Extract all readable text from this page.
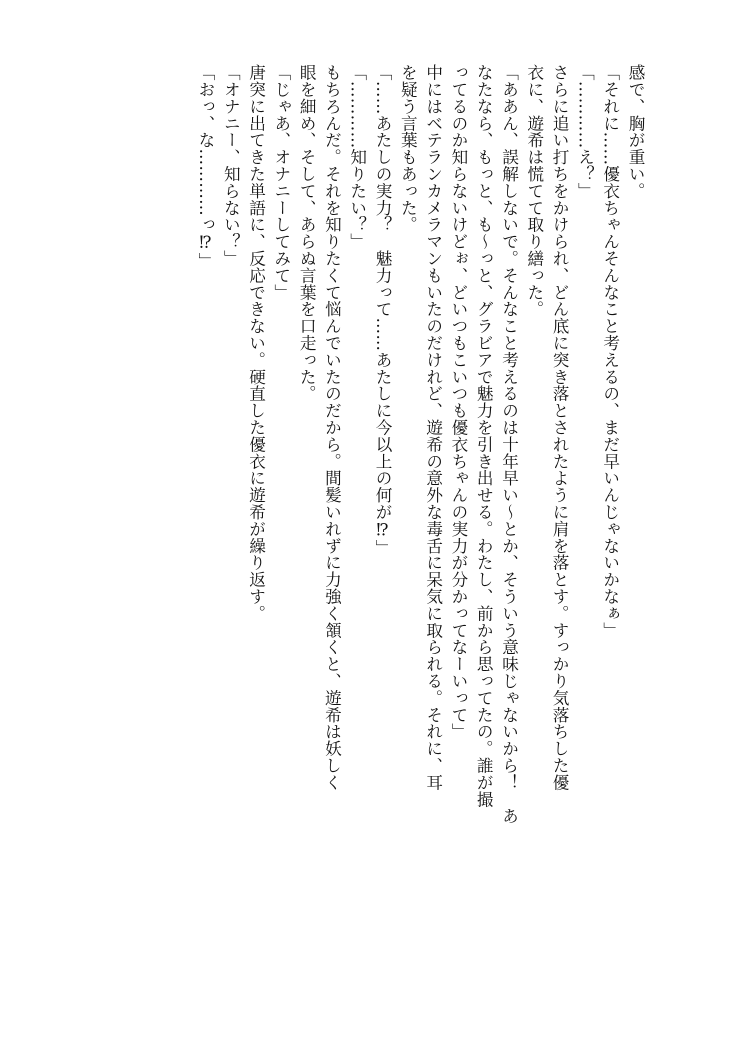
感で、胸が重い。
「それに……優衣ちゃんそんなこと考えるの、まだ早いんじゃないかなぁ」
「…………え？」
さらに追い打ちをかけられ、どん底に突き落とされたように肩を落とす。すっかり気落ちした優
衣に、遊希は慌てて取り繕った。
「ああん、誤解しないで。そんなこと考えるのは十年早い～とか、そういう意味じゃないから！　あ
なたなら、もっと、も～っと、グラビアで魅力を引き出せる。わたし、前から思ってたの。誰が撮
ってるのか知らないけどぉ、どいつもこいつも優衣ちゃんの実力が分かってなーいって」
中にはベテランカメラマンもいたのだけれど、遊希の意外な毒舌に呆気に取られる。それに、耳
を疑う言葉もあった。
「……あたしの実力？　魅力って……あたしに今以上の何が⁉」
「…………知りたい？」
もちろんだ。それを知りたくて悩んでいたのだから。間髪いれずに力強く頷くと、遊希は妖しく
眼を細め、そして、あらぬ言葉を口走った。
「じゃあ、オナニーしてみて」
唐突に出てきた単語に、反応できない。硬直した優衣に遊希が繰り返す。
「オナニー、知らない？」
「おっ、な…………っ⁉」
